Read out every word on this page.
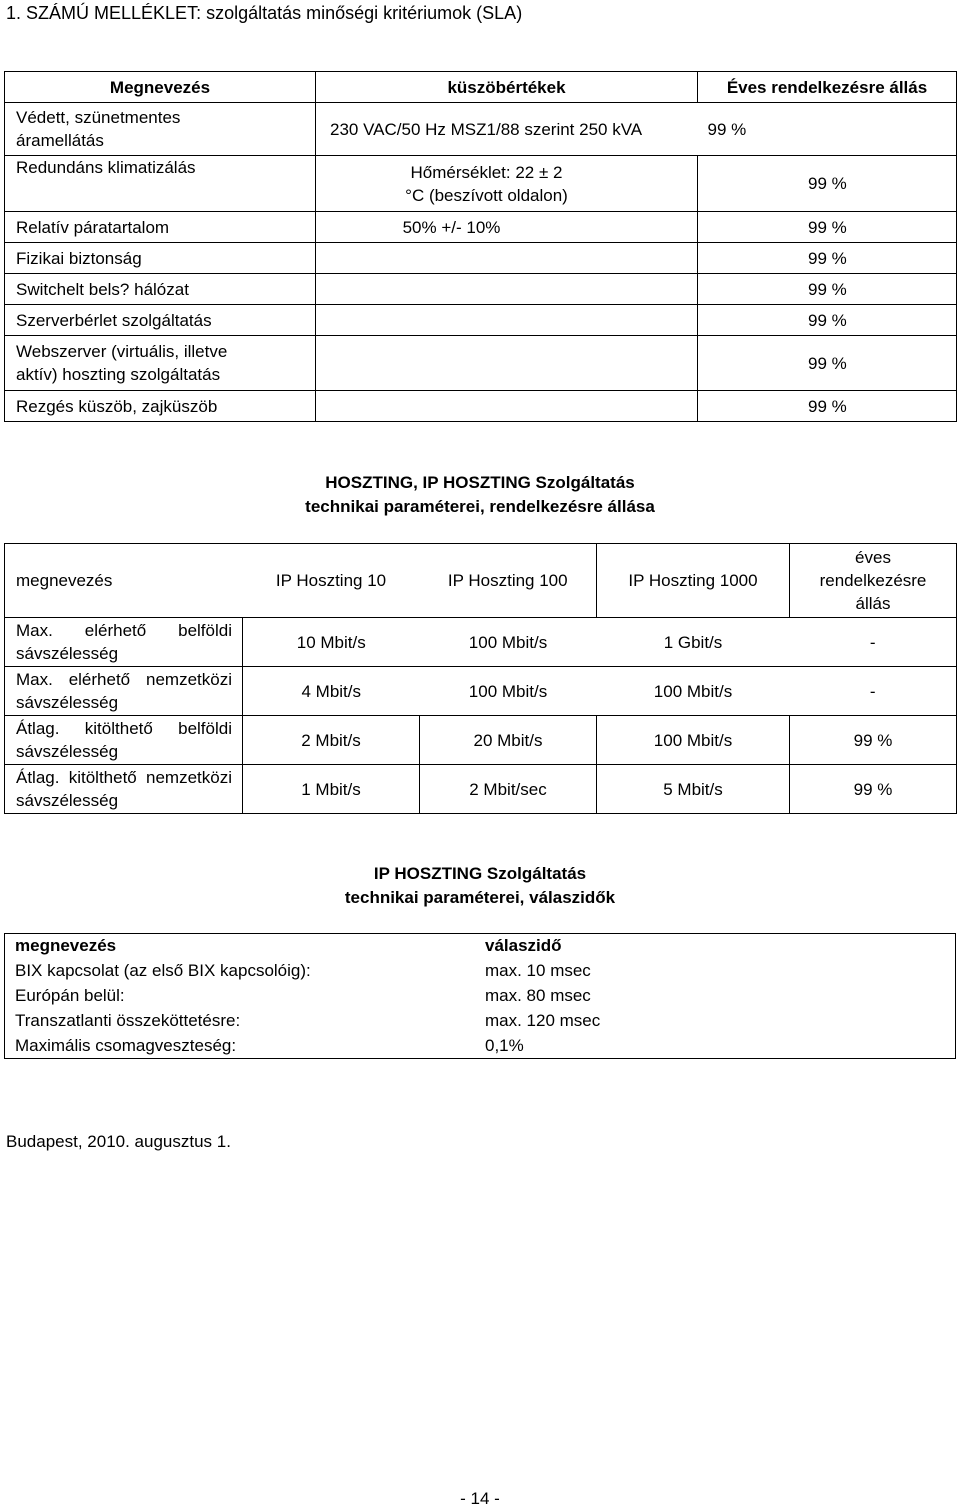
1. SZÁMÚ MELLÉKLET: szolgáltatás minőségi kritériumok (SLA)
Megnevezés	küszöbértékek	Éves rendelkezésre állás
Védett, szünetmentes áramellátás	230 VAC/50 Hz MSZ1/88 szerint 250 kVA	99 %
Redundáns klimatizálás	Hőmérséklet: 22 ± 2 °C (beszívott oldalon)	99 %
Relatív páratartalom	50% +/- 10%	99 %
Fizikai biztonság		99 %
Switchelt bels? hálózat		99 %
Szerverbérlet szolgáltatás		99 %
Webszerver (virtuális, illetve aktív) hoszting szolgáltatás		99 %
Rezgés küszöb, zajküszöb		99 %
HOSZTING, IP HOSZTING Szolgáltatás
technikai paraméterei, rendelkezésre állása
megnevezés	IP Hoszting 10	IP Hoszting 100	IP Hoszting 1000	éves rendelkezésre állás

Max. elérhető belföldi
sávszélesség	10 Mbit/s	100 Mbit/s	1 Gbit/s	-

Max. elérhető nemzetközi
sávszélesség	4 Mbit/s	100 Mbit/s	100 Mbit/s	-

Átlag. kitölthető belföldi
sávszélesség	2 Mbit/s	20 Mbit/s	100 Mbit/s	99 %

Átlag. kitölthető nemzetközi
sávszélesség	1 Mbit/s	2 Mbit/sec	5 Mbit/s	99 %
IP HOSZTING Szolgáltatás
technikai paraméterei, válaszidők
megnevezés	válaszidő
BIX kapcsolat (az első BIX kapcsolóig):	max. 10 msec
Európán belül:	max. 80 msec
Transzatlanti összeköttetésre:	max. 120 msec
Maximális csomagveszteség:	0,1%
Budapest, 2010. augusztus 1.
- 14 -
